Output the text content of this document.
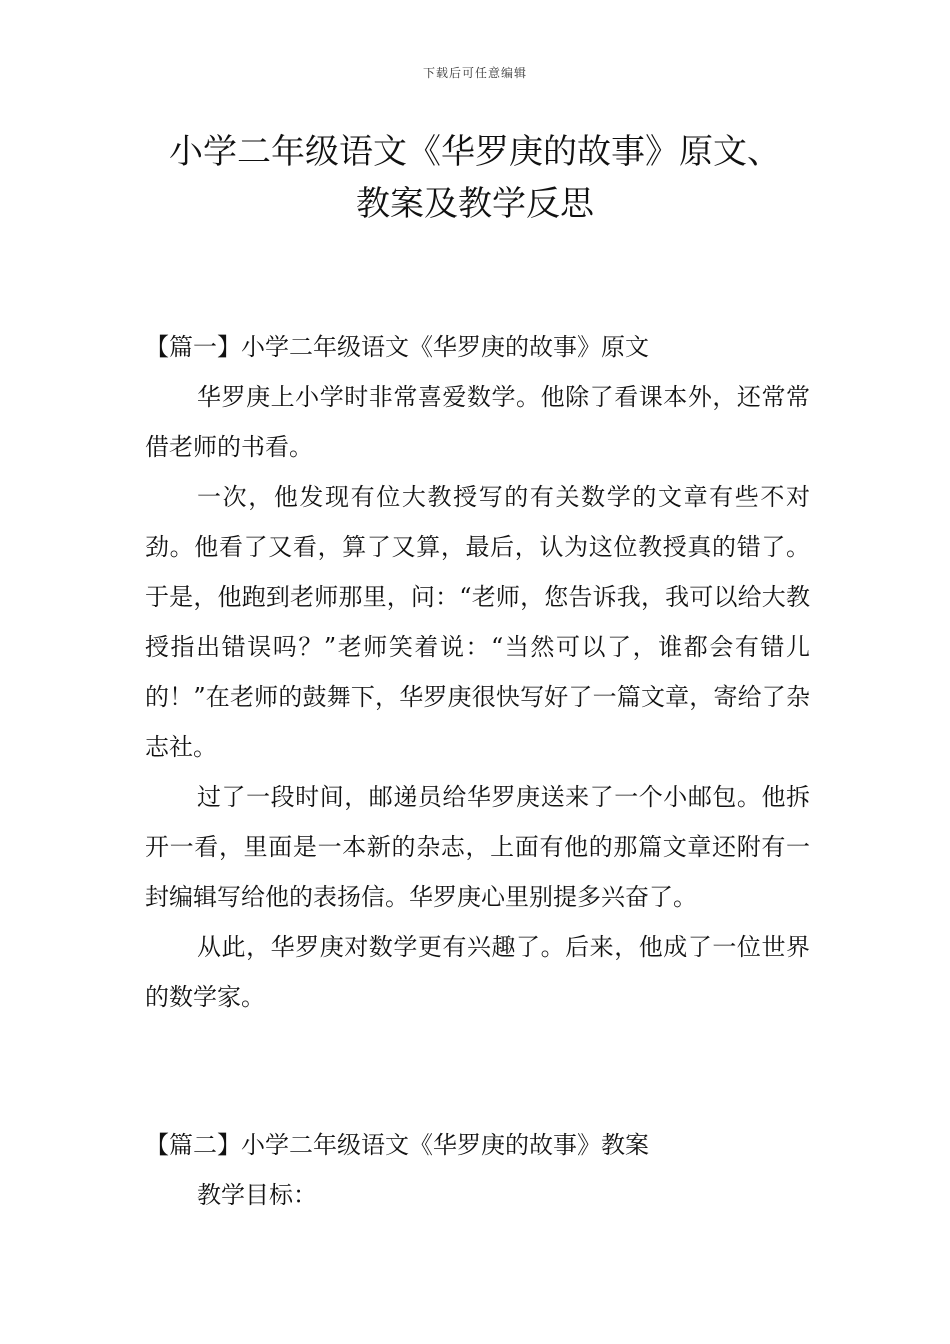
下载后可任意编辑
小学二年级语文《华罗庚的故事》原文、
教案及教学反思

【篇一】小学二年级语文《华罗庚的故事》原文

华罗庚上小学时非常喜爱数学。他除了看课本外，还常常借老师的书看。

一次，他发现有位大教授写的有关数学的文章有些不对劲。他看了又看，算了又算，最后，认为这位教授真的错了。于是，他跑到老师那里，问：“老师，您告诉我，我可以给大教授指出错误吗？”老师笑着说：“当然可以了，谁都会有错儿的！”在老师的鼓舞下，华罗庚很快写好了一篇文章，寄给了杂志社。

过了一段时间，邮递员给华罗庚送来了一个小邮包。他拆开一看，里面是一本新的杂志，上面有他的那篇文章还附有一封编辑写给他的表扬信。华罗庚心里别提多兴奋了。

从此，华罗庚对数学更有兴趣了。后来，他成了一位世界的数学家。

【篇二】小学二年级语文《华罗庚的故事》教案

教学目标：
